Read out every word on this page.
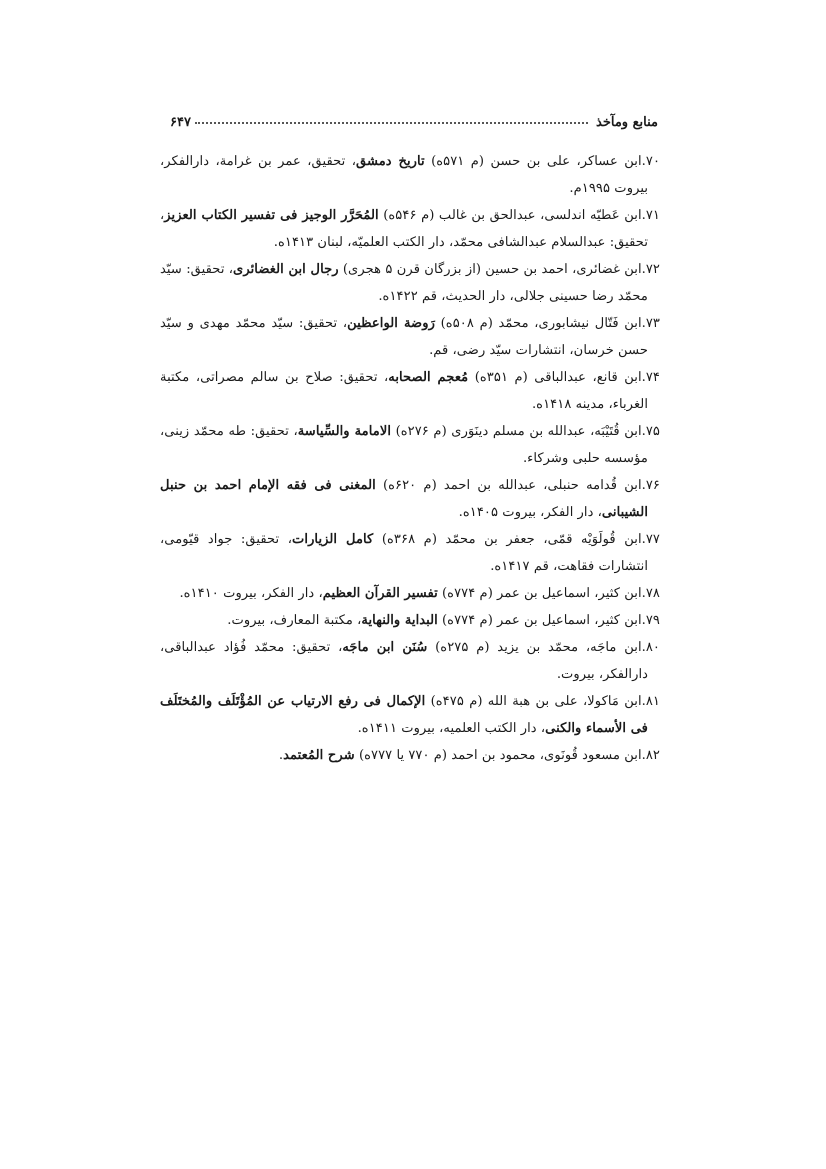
منابع ومآخذ
۶۴۷

۷۰.ابن عساکر، علی بن حسن (م ۵۷۱ه) تاریخ دمشق، تحقیق، عمر بن غرامة، دارالفکر، بیروت ۱۹۹۵م.

۷۱.ابن عَطیّه اندلسی، عبدالحق بن غالب (م ۵۴۶ه) المُحَرَّر الوجیز فی تفسیر الکتاب العزیز، تحقیق: عبدالسلام عبدالشافی محمّد، دار الکتب العلمیّه، لبنان ۱۴۱۳ه.

۷۲.ابن غضائری، احمد بن حسین (از بزرگان قرن ۵ هجری) رجال ابن الغضائری، تحقیق: سیّد محمّد رضا حسینی جلالی، دار الحدیث، قم ۱۴۲۲ه.

۷۳.ابن فَتّال نیشابوری، محمّد (م ۵۰۸ه) رَوضة الواعظین، تحقیق: سیّد محمّد مهدی و سیّد حسن خرسان، انتشارات سیّد رضی، قم.

۷۴.ابن قانع، عبدالباقی (م ۳۵۱ه) مُعجم الصحابه، تحقیق: صلاح بن سالم مصراتی، مکتبة الغرباء، مدینه ۱۴۱۸ه.

۷۵.ابن قُتَیْبَه، عبدالله بن مسلم دینَوَری (م ۲۷۶ه) الامامة والسِّیاسة، تحقیق: طه محمّد زینی، مؤسسه حلبی وشرکاء.

۷۶.ابن قُدامه حنبلی، عبدالله بن احمد (م ۶۲۰ه) المغنی فی فقه الإمام احمد بن حنبل الشیبانی، دار الفکر، بیروت ۱۴۰۵ه.

۷۷.ابن قُولَوَیْه قمّی، جعفر بن محمّد (م ۳۶۸ه) کامل الزیارات، تحقیق: جواد قیّومی، انتشارات فقاهت، قم ۱۴۱۷ه.

۷۸.ابن کثیر، اسماعیل بن عمر (م ۷۷۴ه) تفسیر القرآن العظیم، دار الفکر، بیروت ۱۴۱۰ه.

۷۹.ابن کثیر، اسماعیل بن عمر (م ۷۷۴ه) البدایة والنهایة، مکتبة المعارف، بیروت.

۸۰.ابن ماجَه، محمّد بن یزید (م ۲۷۵ه) سُنَن ابن ماجَه، تحقیق: محمّد فُؤاد عبدالباقی، دارالفکر، بیروت.

۸۱.ابن مَاکولا، علی بن هبة الله (م ۴۷۵ه) الإکمال فی رفع الارتیاب عن المُؤْتَلَف والمُختَلَف فی الأسماء والکنی، دار الکتب العلمیه، بیروت ۱۴۱۱ه.

۸۲.ابن مسعود قُونَوی، محمود بن احمد (م ۷۷۰ یا ۷۷۷ه) شرح المُعتمد.
